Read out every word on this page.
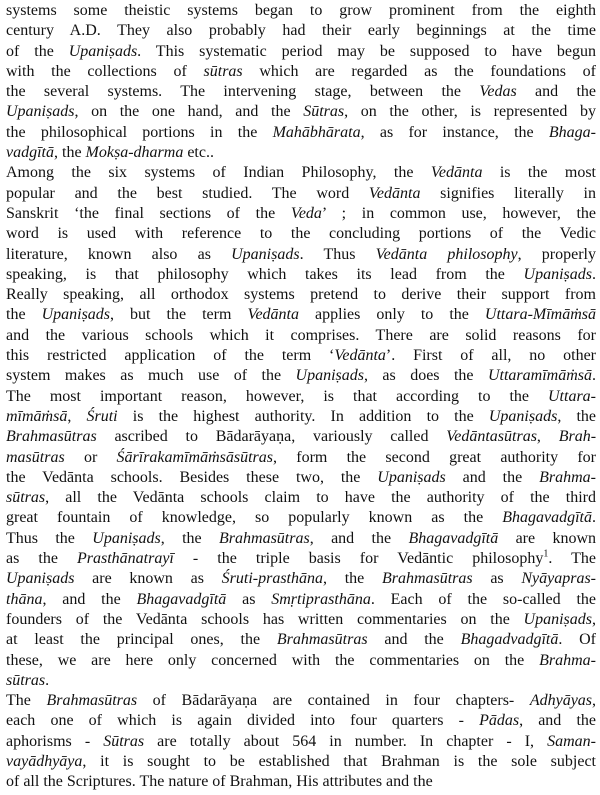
systems some theistic systems began to grow prominent from the eighth
century A.D. They also probably had their early beginnings at the time
of the Upaniṣads. This systematic period may be supposed to have begun
with the collections of sūtras which are regarded as the foundations of
the several systems. The intervening stage, between the Vedas and the
Upaniṣads, on the one hand, and the Sūtras, on the other, is represented by
the philosophical portions in the Mahābhārata, as for instance, the Bhaga-
vadgītā, the Mokṣa-dharma etc..
Among the six systems of Indian Philosophy, the Vedānta is the most
popular and the best studied. The word Vedānta signifies literally in
Sanskrit ‘the final sections of the Veda’ ; in common use, however, the
word is used with reference to the concluding portions of the Vedic
literature, known also as Upaniṣads. Thus Vedānta philosophy, properly
speaking, is that philosophy which takes its lead from the Upaniṣads.
Really speaking, all orthodox systems pretend to derive their support from
the Upaniṣads, but the term Vedānta applies only to the Uttara-Mīmāṁsā
and the various schools which it comprises. There are solid reasons for
this restricted application of the term ‘Vedānta’. First of all, no other
system makes as much use of the Upaniṣads, as does the Uttaramīmāṁsā.
The most important reason, however, is that according to the Uttara-
mīmāṁsā, Śruti is the highest authority. In addition to the Upaniṣads, the
Brahmasūtras ascribed to Bādarāyaṇa, variously called Vedāntasūtras, Brah-
masūtras or Śārīrakamīmāṁsāsūtras, form the second great authority for
the Vedānta schools. Besides these two, the Upaniṣads and the Brahma-
sūtras, all the Vedānta schools claim to have the authority of the third
great fountain of knowledge, so popularly known as the Bhagavadgītā.
Thus the Upaniṣads, the Brahmasūtras, and the Bhagavadgītā are known
as the Prasthānatrayī - the triple basis for Vedāntic philosophy$^1$. The
Upaniṣads are known as Śruti-prasthāna, the Brahmasūtras as Nyāyapras-
thāna, and the Bhagavadgītā as Smṛtiprasthāna. Each of the so-called the
founders of the Vedānta schools has written commentaries on the Upaniṣads,
at least the principal ones, the Brahmasūtras and the Bhagadvadgītā. Of
these, we are here only concerned with the commentaries on the Brahma-
sūtras.
The Brahmasūtras of Bādarāyaṇa are contained in four chapters- Adhyāyas,
each one of which is again divided into four quarters - Pādas, and the
aphorisms - Sūtras are totally about 564 in number. In chapter - I, Saman-
vayādhyāya, it is sought to be established that Brahman is the sole subject
of all the Scriptures. The nature of Brahman, His attributes and the
